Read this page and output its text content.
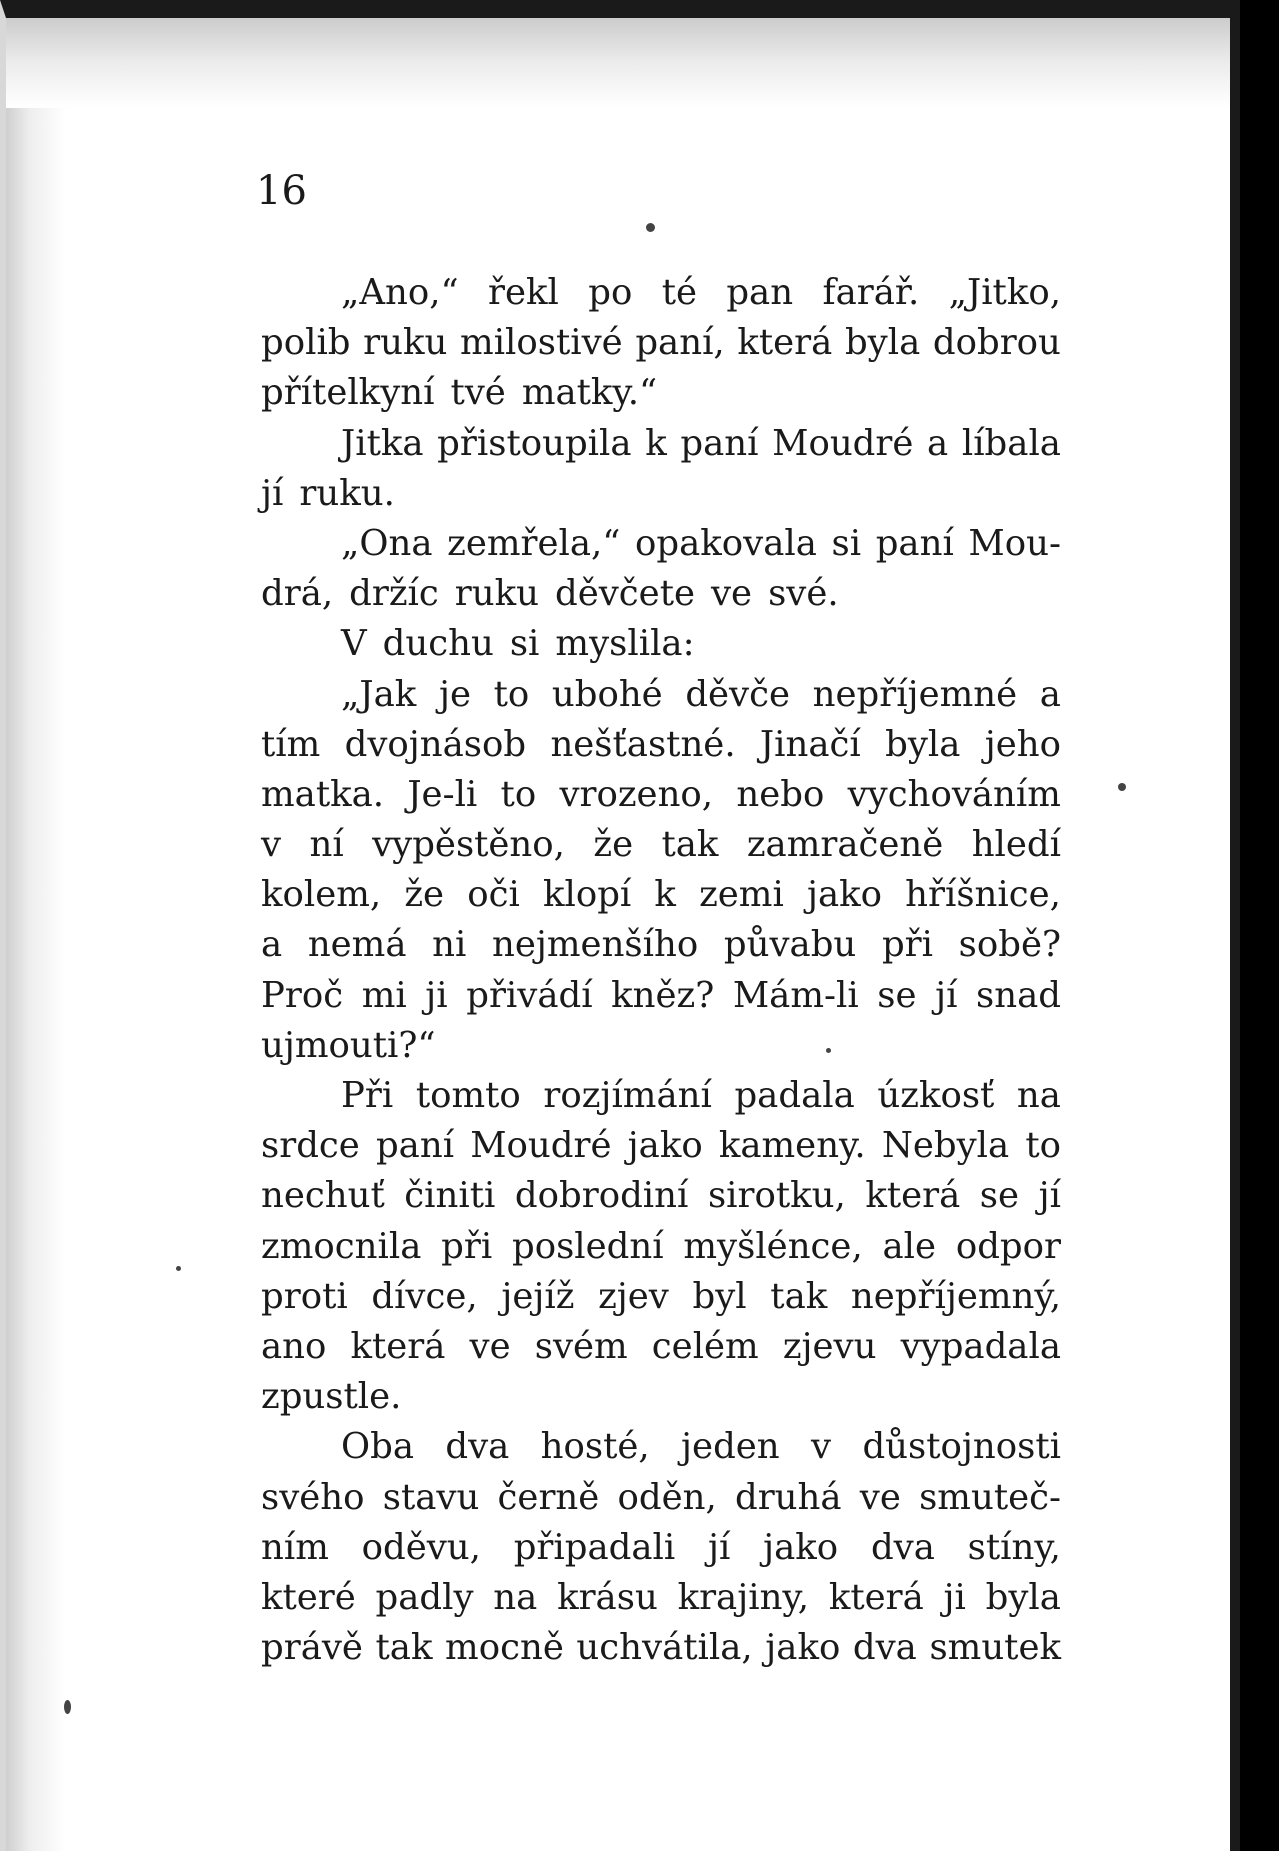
16
„Ano,“ řekl po té pan farář. „Jitko,
polib ruku milostivé paní, která byla dobrou
přítelkyní tvé matky.“
Jitka přistoupila k paní Moudré a líbala
jí ruku.
„Ona zemřela,“ opakovala si paní Mou-
drá, držíc ruku děvčete ve své.
V duchu si myslila:
„Jak je to ubohé děvče nepříjemné a
tím dvojnásob nešťastné. Jinačí byla jeho
matka. Je-li to vrozeno, nebo vychováním
v ní vypěstěno, že tak zamračeně hledí
kolem, že oči klopí k zemi jako hříšnice,
a nemá ni nejmenšího půvabu při sobě?
Proč mi ji přivádí kněz? Mám-li se jí snad
ujmouti?“
Při tomto rozjímání padala úzkosť na
srdce paní Moudré jako kameny. Nebyla to
nechuť činiti dobrodiní sirotku, která se jí
zmocnila při poslední myšlénce, ale odpor
proti dívce, jejíž zjev byl tak nepříjemný,
ano která ve svém celém zjevu vypadala
zpustle.
Oba dva hosté, jeden v důstojnosti
svého stavu černě oděn, druhá ve smuteč-
ním oděvu, připadali jí jako dva stíny,
které padly na krásu krajiny, která ji byla
právě tak mocně uchvátila, jako dva smutek
